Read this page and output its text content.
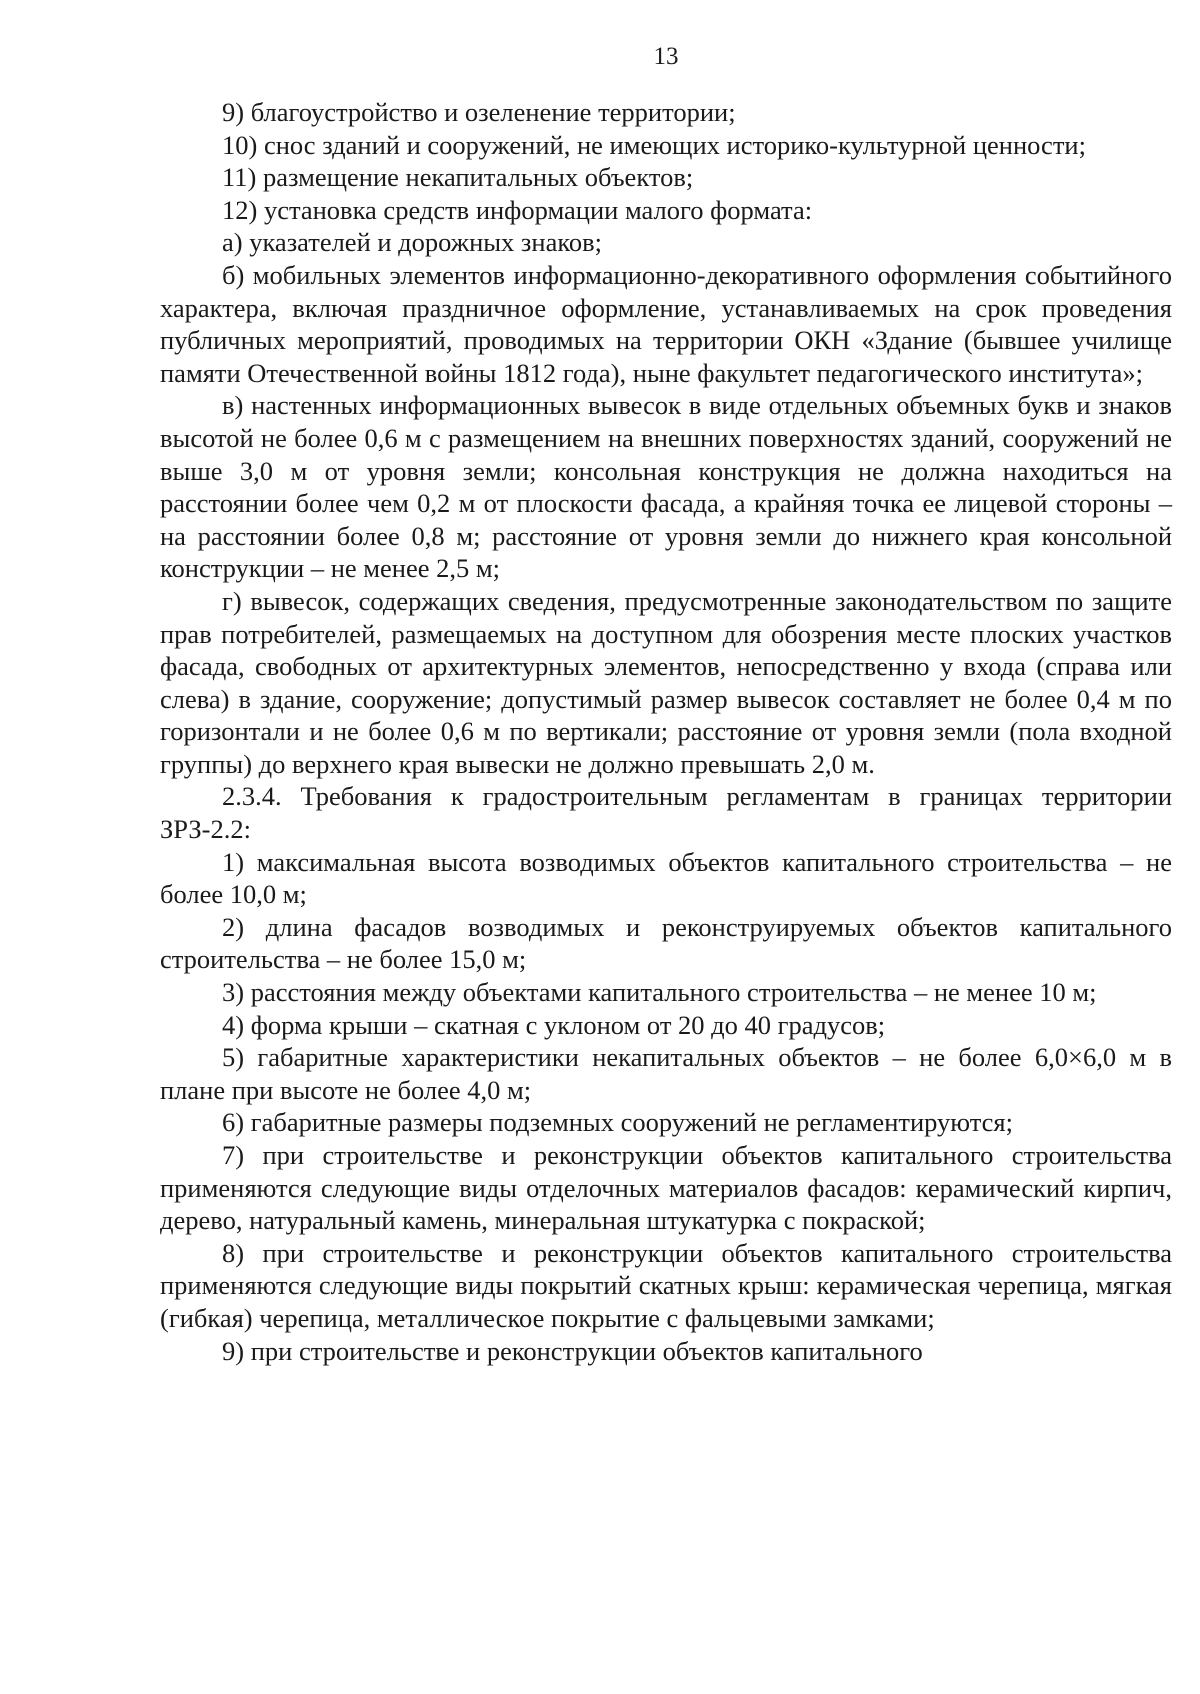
13

9) благоустройство и озеленение территории;

10) снос зданий и сооружений, не имеющих историко-культурной ценности;

11) размещение некапитальных объектов;

12) установка средств информации малого формата:

а) указателей и дорожных знаков;

б) мобильных элементов информационно-декоративного оформления событийного характера, включая праздничное оформление, устанавливаемых на срок проведения публичных мероприятий, проводимых на территории ОКН «Здание (бывшее училище памяти Отечественной войны 1812 года), ныне факультет педагогического института»;

в) настенных информационных вывесок в виде отдельных объемных букв и знаков высотой не более 0,6 м с размещением на внешних поверхностях зданий, сооружений не выше 3,0 м от уровня земли; консольная конструкция не должна находиться на расстоянии более чем 0,2 м от плоскости фасада, а крайняя точка ее лицевой стороны – на расстоянии более 0,8 м; расстояние от уровня земли до нижнего края консольной конструкции – не менее 2,5 м;

г) вывесок, содержащих сведения, предусмотренные законодательством по защите прав потребителей, размещаемых на доступном для обозрения месте плоских участков фасада, свободных от архитектурных элементов, непосредственно у входа (справа или слева) в здание, сооружение; допустимый размер вывесок составляет не более 0,4 м по горизонтали и не более 0,6 м по вертикали; расстояние от уровня земли (пола входной группы) до верхнего края вывески не должно превышать 2,0 м.

2.3.4. Требования к градостроительным регламентам в границах территории ЗРЗ-2.2:

1) максимальная высота возводимых объектов капитального строительства – не более 10,0 м;

2) длина фасадов возводимых и реконструируемых объектов капитального строительства – не более 15,0 м;

3) расстояния между объектами капитального строительства – не менее 10 м;

4) форма крыши – скатная с уклоном от 20 до 40 градусов;

5) габаритные характеристики некапитальных объектов – не более 6,0×6,0 м в плане при высоте не более 4,0 м;

6) габаритные размеры подземных сооружений не регламентируются;

7) при строительстве и реконструкции объектов капитального строительства применяются следующие виды отделочных материалов фасадов: керамический кирпич, дерево, натуральный камень, минеральная штукатурка с покраской;

8) при строительстве и реконструкции объектов капитального строительства применяются следующие виды покрытий скатных крыш: керамическая черепица, мягкая (гибкая) черепица, металлическое покрытие с фальцевыми замками;

9) при строительстве и реконструкции объектов капитального
